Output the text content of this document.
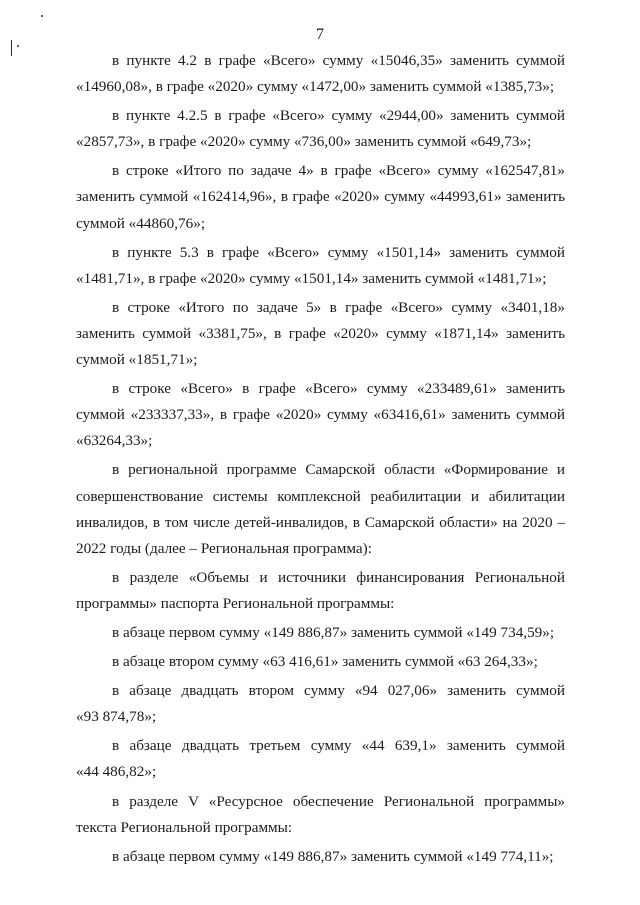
7

в пункте 4.2 в графе «Всего» сумму «15046,35» заменить суммой
«14960,08», в графе «2020» сумму «1472,00» заменить суммой «1385,73»;

в пункте 4.2.5 в графе «Всего» сумму «2944,00» заменить суммой
«2857,73», в графе «2020» сумму «736,00» заменить суммой «649,73»;

в строке «Итого по задаче 4» в графе «Всего» сумму «162547,81»
заменить суммой «162414,96», в графе «2020» сумму «44993,61» заменить
суммой «44860,76»;

в пункте 5.3 в графе «Всего» сумму «1501,14» заменить суммой
«1481,71», в графе «2020» сумму «1501,14» заменить суммой «1481,71»;

в строке «Итого по задаче 5» в графе «Всего» сумму «3401,18»
заменить суммой «3381,75», в графе «2020» сумму «1871,14» заменить
суммой «1851,71»;

в строке «Всего» в графе «Всего» сумму «233489,61» заменить
суммой «233337,33», в графе «2020» сумму «63416,61» заменить суммой
«63264,33»;

в региональной программе Самарской области «Формирование и
совершенствование системы комплексной реабилитации и абилитации
инвалидов, в том числе детей-инвалидов, в Самарской области» на 2020 –
2022 годы (далее – Региональная программа):

в разделе «Объемы и источники финансирования Региональной
программы» паспорта Региональной программы:

в абзаце первом сумму «149 886,87» заменить суммой «149 734,59»;

в абзаце втором сумму «63 416,61» заменить суммой «63 264,33»;

в абзаце двадцать втором сумму «94 027,06» заменить суммой
«93 874,78»;

в абзаце двадцать третьем сумму «44 639,1» заменить суммой
«44 486,82»;

в разделе V «Ресурсное обеспечение Региональной программы»
текста Региональной программы:

в абзаце первом сумму «149 886,87» заменить суммой «149 774,11»;
